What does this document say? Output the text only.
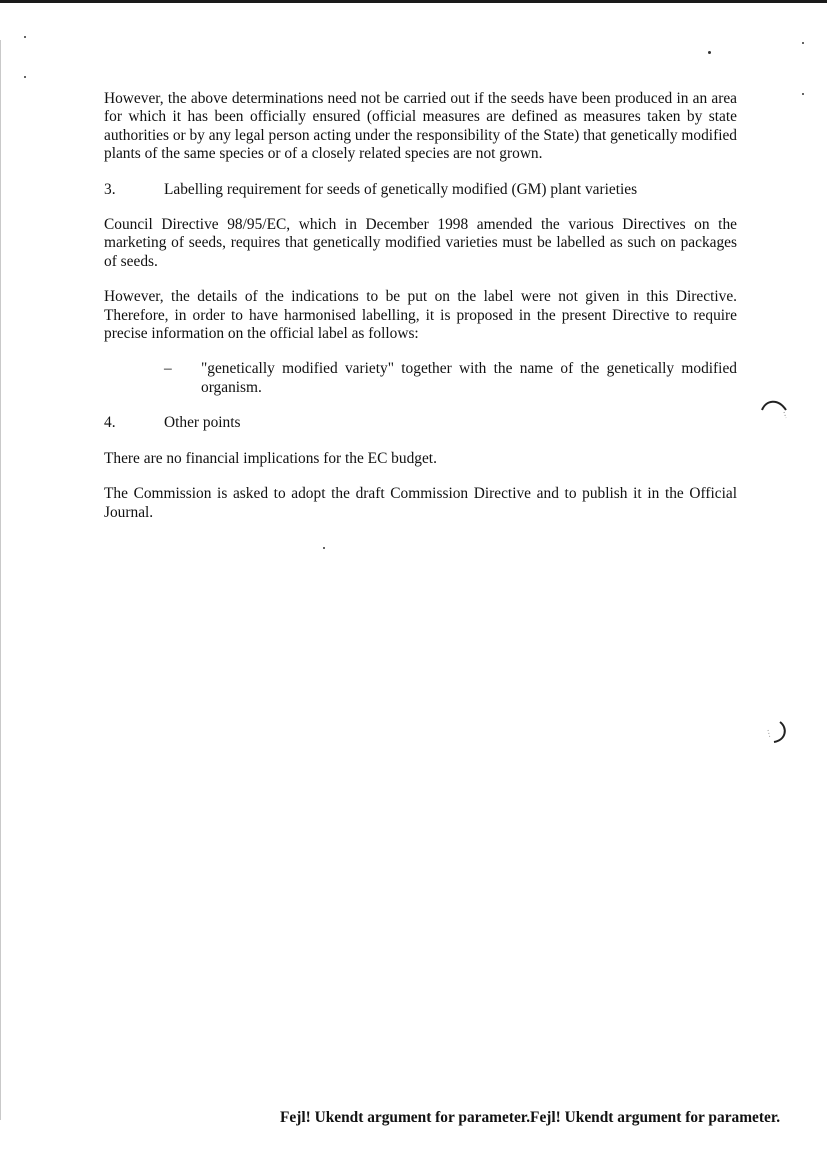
However, the above determinations need not be carried out if the seeds have been produced in an area for which it has been officially ensured (official measures are defined as measures taken by state authorities or by any legal person acting under the responsibility of the State) that genetically modified plants of the same species or of a closely related species are not grown.

3.	Labelling requirement for seeds of genetically modified (GM) plant varieties

Council Directive 98/95/EC, which in December 1998 amended the various Directives on the marketing of seeds, requires that genetically modified varieties must be labelled as such on packages of seeds.

However, the details of the indications to be put on the label were not given in this Directive. Therefore, in order to have harmonised labelling, it is proposed in the present Directive to require precise information on the official label as follows:

–	"genetically modified variety" together with the name of the genetically modified organism.
4.	Other points

There are no financial implications for the EC budget.

The Commission is asked to adopt the draft Commission Directive and to publish it in the Official Journal.

Fejl! Ukendt argument for parameter.Fejl! Ukendt argument for parameter.
